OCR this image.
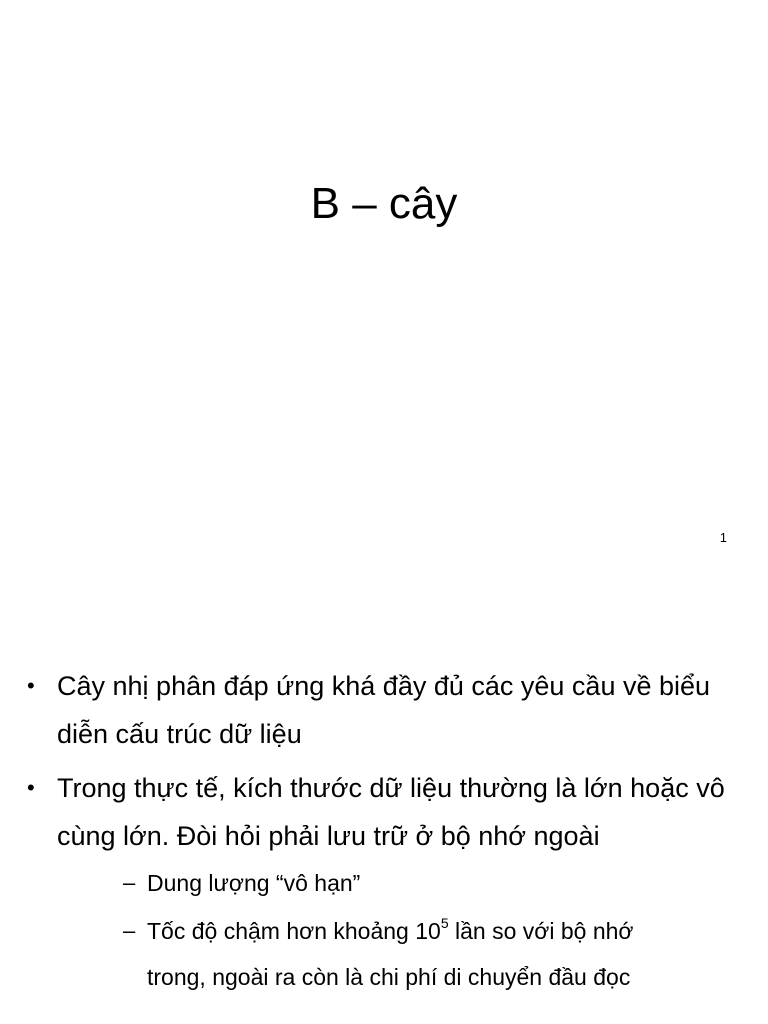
B – cây
1
• Cây nhị phân đáp ứng khá đầy đủ các yêu cầu về biểu diễn cấu trúc dữ liệu
• Trong thực tế, kích thước dữ liệu thường là lớn hoặc vô cùng lớn. Đòi hỏi phải lưu trữ ở bộ nhớ ngoài
– Dung lượng “vô hạn”
– Tốc độ chậm hơn khoảng $10^5$ lần so với bộ nhớ trong, ngoài ra còn là chi phí di chuyển đầu đọc
